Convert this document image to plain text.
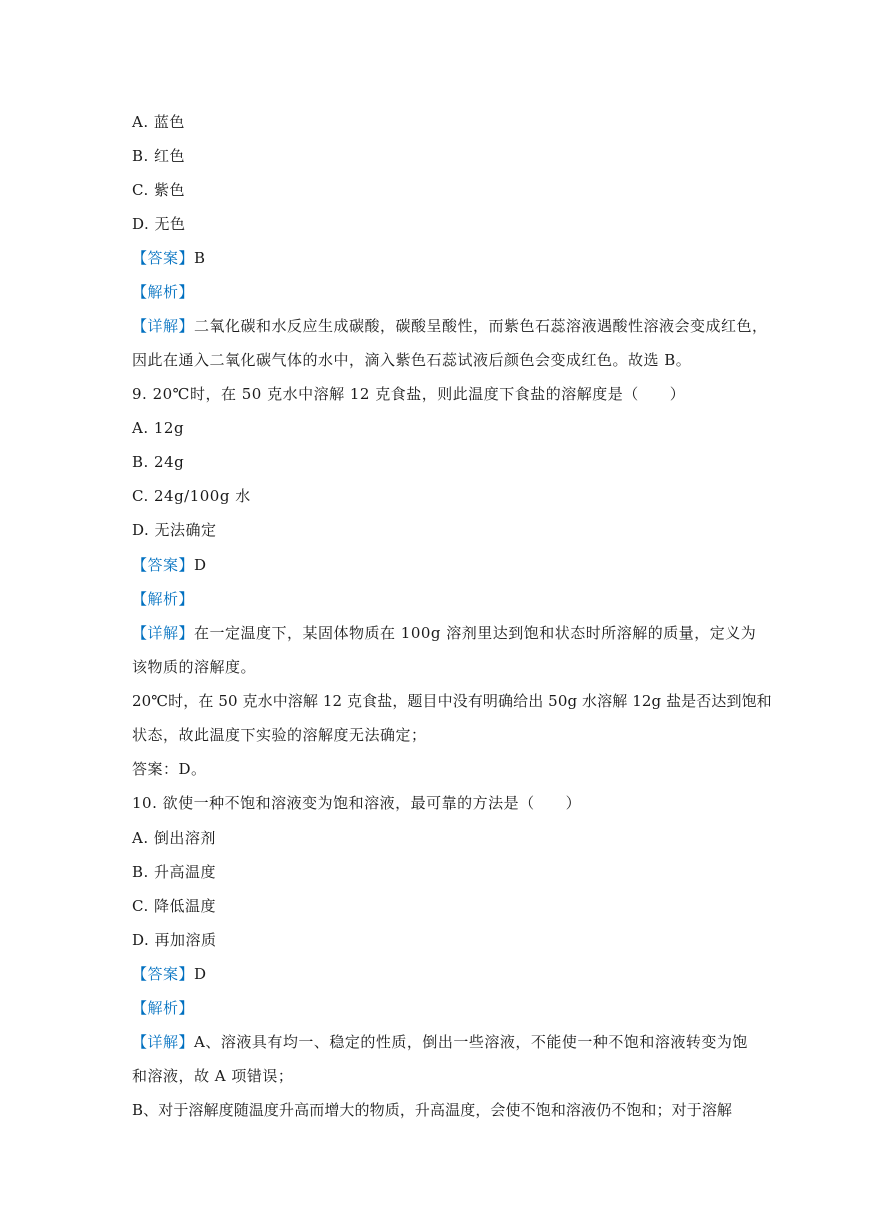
A. 蓝色
B. 红色
C. 紫色
D. 无色
【答案】B
【解析】
【详解】二氧化碳和水反应生成碳酸，碳酸呈酸性，而紫色石蕊溶液遇酸性溶液会变成红色，
因此在通入二氧化碳气体的水中，滴入紫色石蕊试液后颜色会变成红色。故选 B。
9. 20℃时，在 50 克水中溶解 12 克食盐，则此温度下食盐的溶解度是（　　）
A. 12g
B. 24g
C. 24g/100g 水
D. 无法确定
【答案】D
【解析】
【详解】在一定温度下，某固体物质在 100g 溶剂里达到饱和状态时所溶解的质量，定义为
该物质的溶解度。
20℃时，在 50 克水中溶解 12 克食盐，题目中没有明确给出 50g 水溶解 12g 盐是否达到饱和
状态，故此温度下实验的溶解度无法确定；
答案：D。
10. 欲使一种不饱和溶液变为饱和溶液，最可靠的方法是（　　）
A. 倒出溶剂
B. 升高温度
C. 降低温度
D. 再加溶质
【答案】D
【解析】
【详解】A、溶液具有均一、稳定的性质，倒出一些溶液，不能使一种不饱和溶液转变为饱
和溶液，故 A 项错误；
B、对于溶解度随温度升高而增大的物质，升高温度，会使不饱和溶液仍不饱和；对于溶解
